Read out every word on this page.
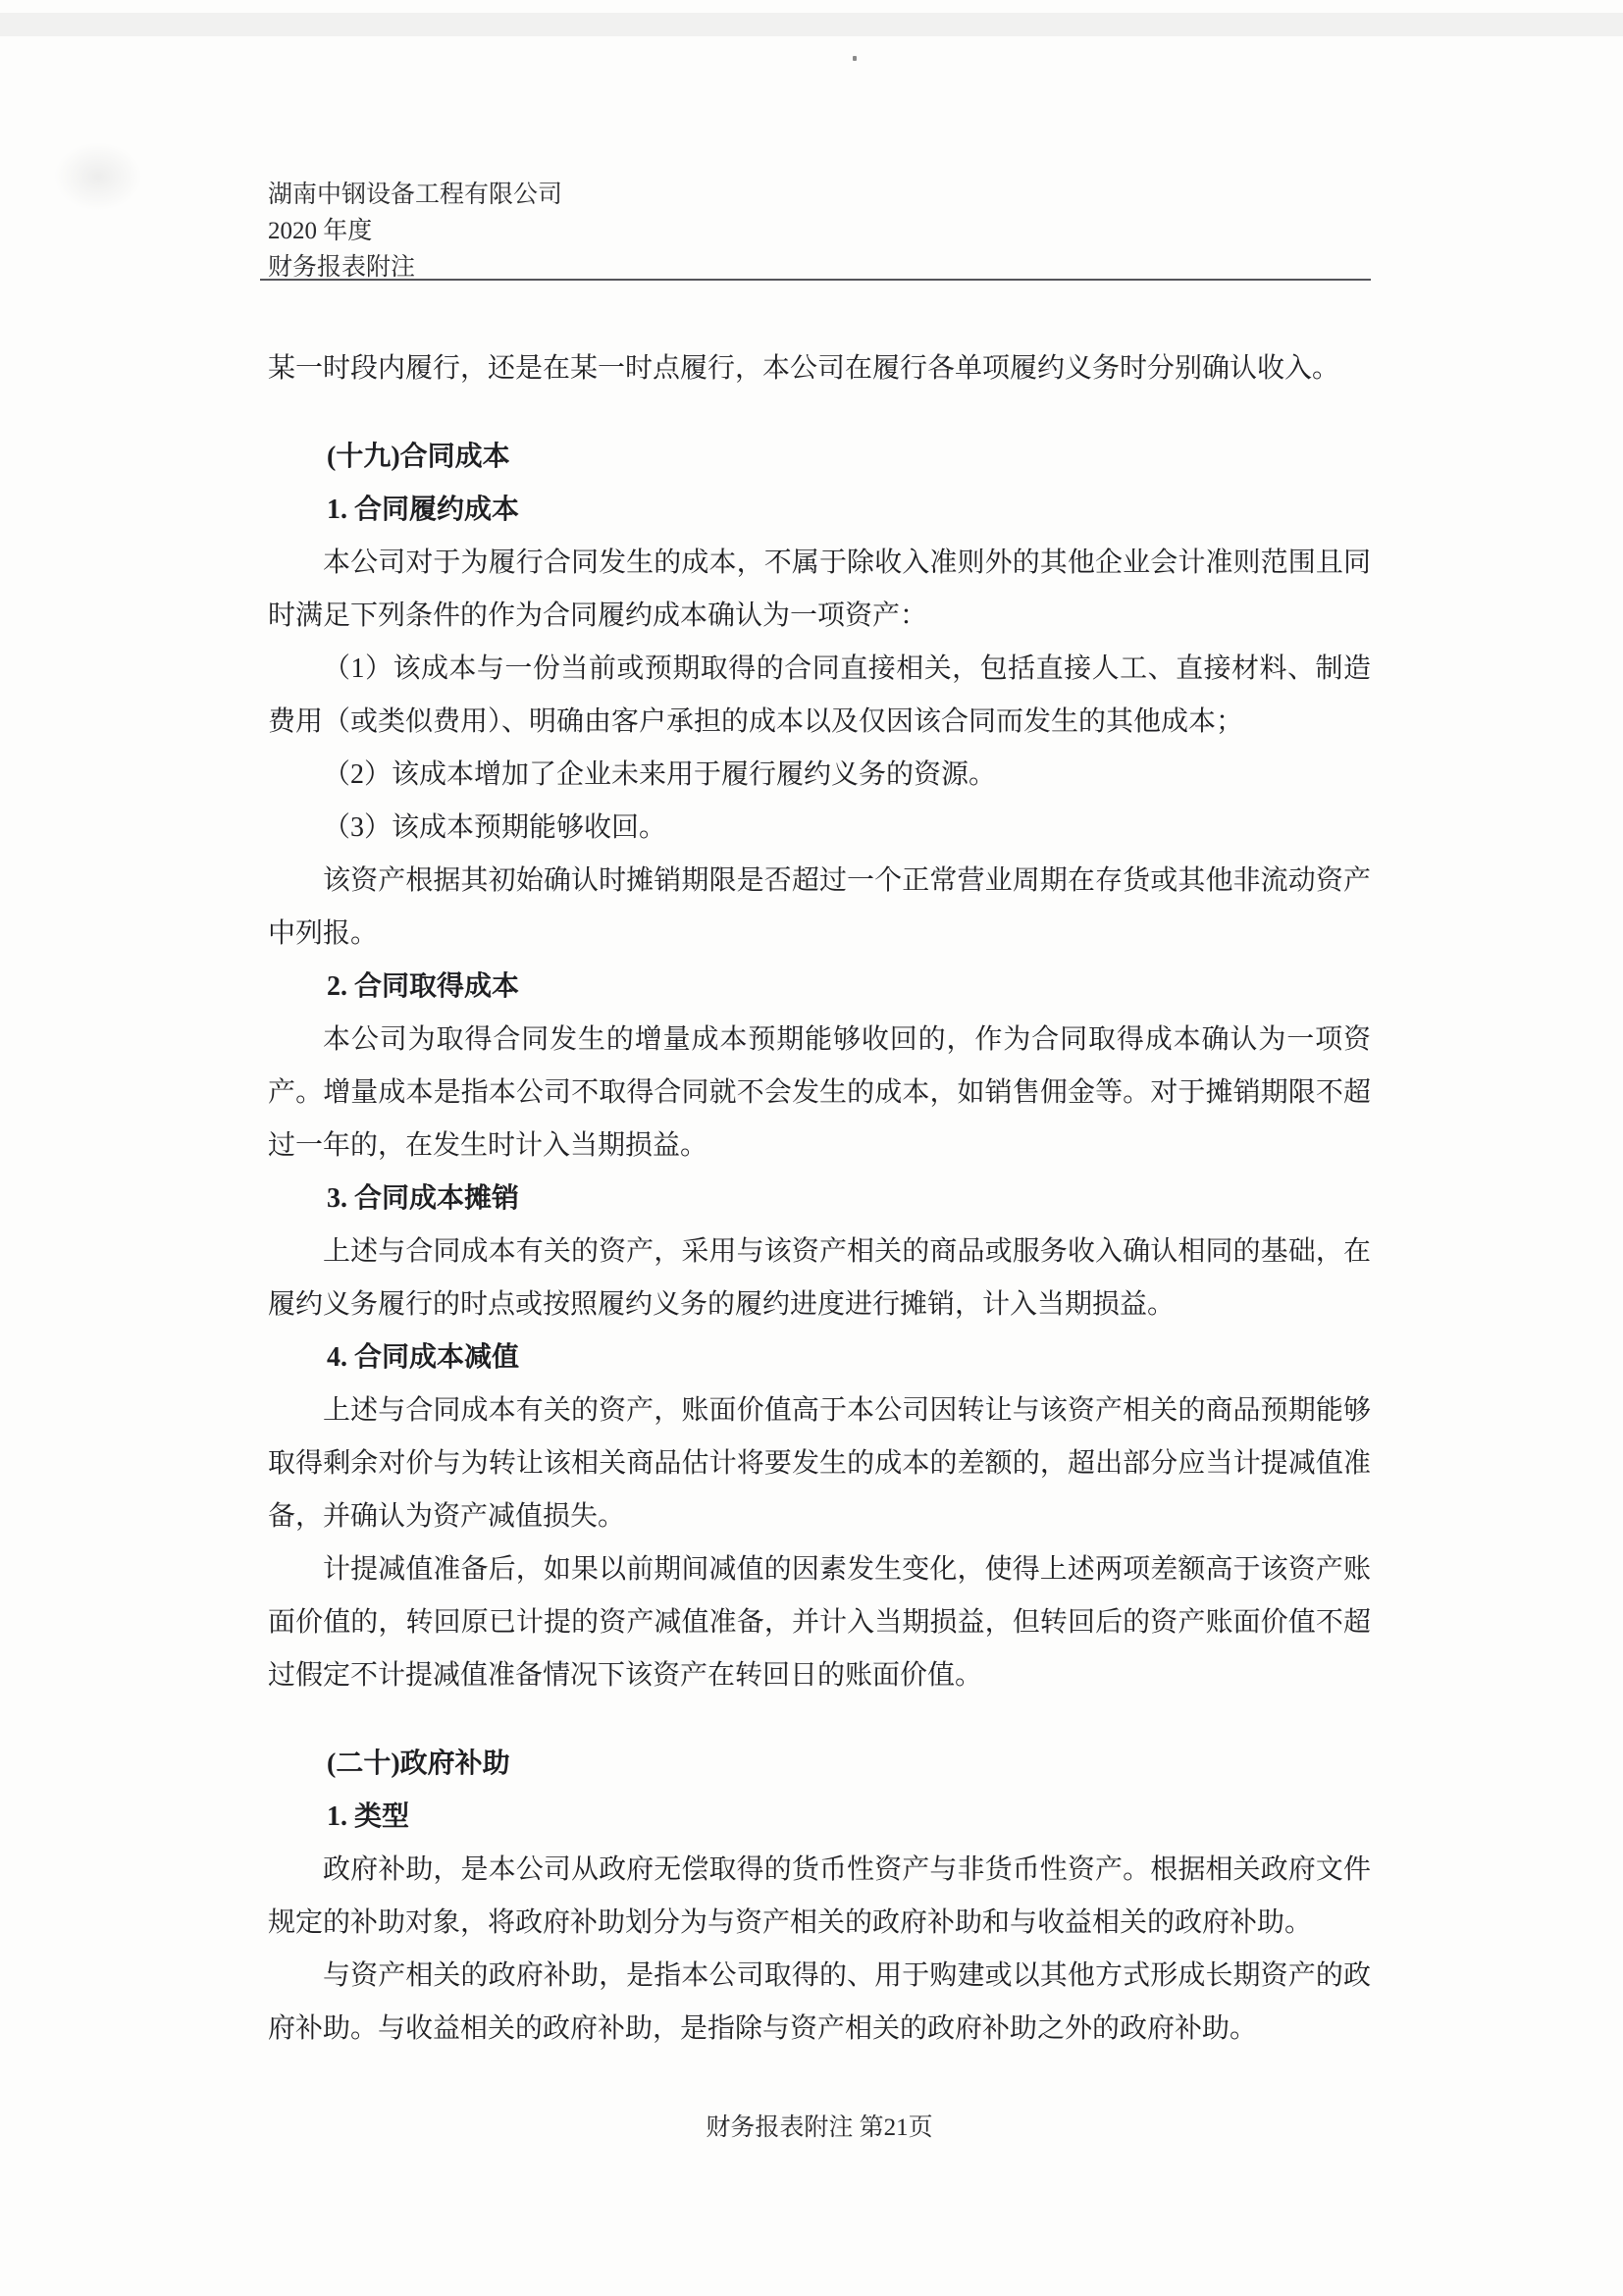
湖南中钢设备工程有限公司
2020 年度
财务报表附注

某一时段内履行，还是在某一时点履行，本公司在履行各单项履约义务时分别确认收入。

(十九)合同成本
1. 合同履约成本

本公司对于为履行合同发生的成本，不属于除收入准则外的其他企业会计准则范围且同时满足下列条件的作为合同履约成本确认为一项资产：

（1）该成本与一份当前或预期取得的合同直接相关，包括直接人工、直接材料、制造费用（或类似费用）、明确由客户承担的成本以及仅因该合同而发生的其他成本；

（2）该成本增加了企业未来用于履行履约义务的资源。

（3）该成本预期能够收回。

该资产根据其初始确认时摊销期限是否超过一个正常营业周期在存货或其他非流动资产中列报。

2. 合同取得成本

本公司为取得合同发生的增量成本预期能够收回的，作为合同取得成本确认为一项资产。增量成本是指本公司不取得合同就不会发生的成本，如销售佣金等。对于摊销期限不超过一年的，在发生时计入当期损益。

3. 合同成本摊销

上述与合同成本有关的资产，采用与该资产相关的商品或服务收入确认相同的基础，在履约义务履行的时点或按照履约义务的履约进度进行摊销，计入当期损益。

4. 合同成本减值

上述与合同成本有关的资产，账面价值高于本公司因转让与该资产相关的商品预期能够取得剩余对价与为转让该相关商品估计将要发生的成本的差额的，超出部分应当计提减值准备，并确认为资产减值损失。

计提减值准备后，如果以前期间减值的因素发生变化，使得上述两项差额高于该资产账面价值的，转回原已计提的资产减值准备，并计入当期损益，但转回后的资产账面价值不超过假定不计提减值准备情况下该资产在转回日的账面价值。

(二十)政府补助
1. 类型

政府补助，是本公司从政府无偿取得的货币性资产与非货币性资产。根据相关政府文件规定的补助对象，将政府补助划分为与资产相关的政府补助和与收益相关的政府补助。

与资产相关的政府补助，是指本公司取得的、用于购建或以其他方式形成长期资产的政府补助。与收益相关的政府补助，是指除与资产相关的政府补助之外的政府补助。

财务报表附注 第21页
